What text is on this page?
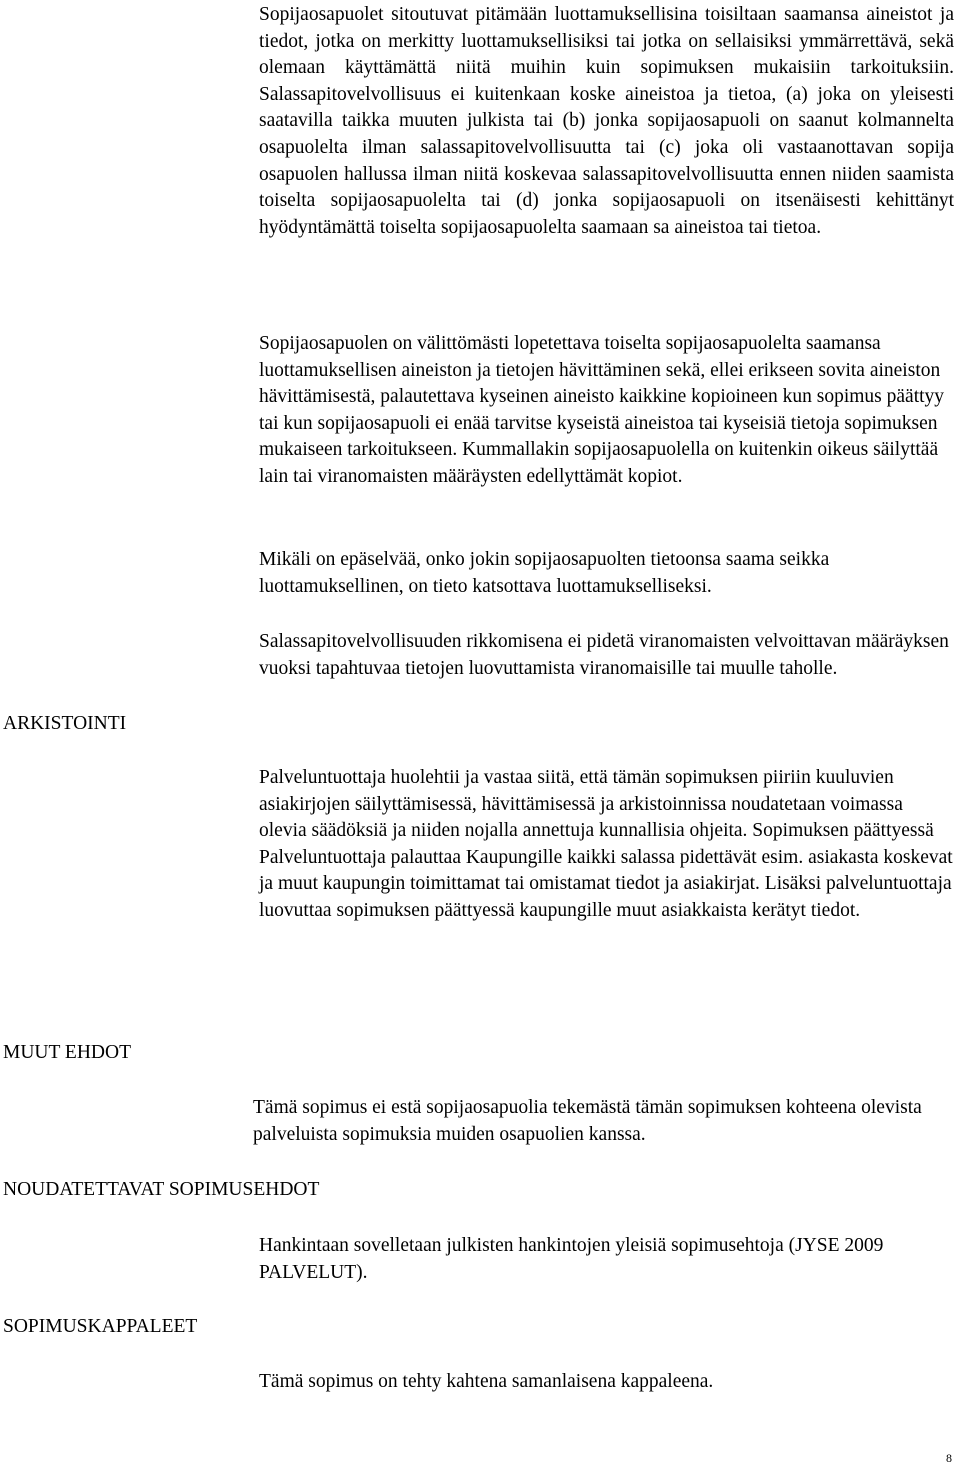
Sopijaosapuolet sitoutuvat pitämään luottamuksellisina toisiltaan saamansa aineistot ja tiedot, jotka on merkitty luottamuksellisiksi tai jotka on sellaisiksi ymmärrettävä, sekä olemaan käyttämättä niitä muihin kuin sopimuksen mukaisiin tarkoituksiin. Salassapitovelvollisuus ei kuitenkaan koske aineistoa ja tietoa, (a) joka on yleisesti saatavilla taikka muuten julkista tai (b) jonka sopijaosapuoli on saanut kolmannelta osapuolelta ilman salassapitovelvollisuutta tai (c) joka oli vastaanottavan sopija osapuolen hallussa ilman niitä koskevaa salassapitovelvollisuutta ennen niiden saamista toiselta sopijaosapuolelta tai (d) jonka sopijaosapuoli on itsenäisesti kehittänyt hyödyntämättä toiselta sopijaosapuolelta saamaan sa aineistoa tai tietoa.

Sopijaosapuolen on välittömästi lopetettava toiselta sopijaosapuolelta saamansa luottamuksellisen aineiston ja tietojen hävittäminen sekä, ellei erikseen sovita aineiston hävittämisestä, palautettava kyseinen aineisto kaikkine kopioineen kun sopimus päättyy tai kun sopijaosapuoli ei enää tarvitse kyseistä aineistoa tai kyseisiä tietoja sopimuksen mukaiseen tarkoitukseen. Kummallakin sopijaosapuolella on kuitenkin oikeus säilyttää lain tai viranomaisten määräysten edellyttämät kopiot.

Mikäli on epäselvää, onko jokin sopijaosapuolten tietoonsa saama seikka luottamuksellinen, on tieto katsottava luottamukselliseksi.

Salassapitovelvollisuuden rikkomisena ei pidetä viranomaisten velvoittavan määräyksen vuoksi tapahtuvaa tietojen luovuttamista viranomaisille tai muulle taholle.

ARKISTOINTI

Palveluntuottaja huolehtii ja vastaa siitä, että tämän sopimuksen piiriin kuuluvien asiakirjojen säilyttämisessä, hävittämisessä ja arkistoinnissa noudatetaan voimassa olevia säädöksiä ja niiden nojalla annettuja kunnallisia ohjeita. Sopimuksen päättyessä Palveluntuottaja palauttaa Kaupungille kaikki salassa pidettävät esim. asiakasta koskevat ja muut kaupungin toimittamat tai omistamat tiedot ja asiakirjat. Lisäksi palveluntuottaja luovuttaa sopimuksen päättyessä kaupungille muut asiakkaista kerätyt tiedot.

MUUT EHDOT

Tämä sopimus ei estä sopijaosapuolia tekemästä tämän sopimuksen kohteena olevista palveluista sopimuksia muiden osapuolien kanssa.

NOUDATETTAVAT SOPIMUSEHDOT

Hankintaan sovelletaan julkisten hankintojen yleisiä sopimusehtoja (JYSE 2009 PALVELUT).

SOPIMUSKAPPALEET

Tämä sopimus on tehty kahtena samanlaisena kappaleena.

8
